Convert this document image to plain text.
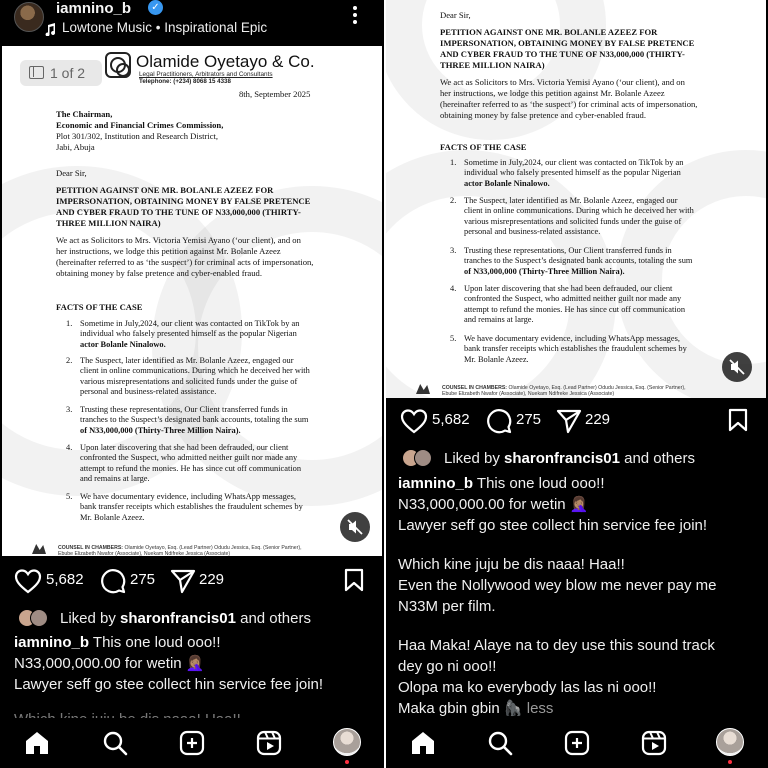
iamnino_b	✓
Lowtone Music • Inspirational Epic
1 of 2
Olamide Oyetayo & Co.
Legal Practitioners, Arbitrators and Consultants
Telephone: (+234) 8068 15 4338

8th, September 2025

The Chairman,

Economic and Financial Crimes Commission,

Plot 301/302, Institution and Research District,

Jabi, Abuja

Dear Sir,

PETITION AGAINST ONE MR. BOLANLE AZEEZ FOR

IMPERSONATION, OBTAINING MONEY BY FALSE PRETENCE

AND CYBER FRAUD TO THE TUNE OF N33,000,000 (THIRTY-

THREE MILLION NAIRA)

We act as Solicitors to Mrs. Victoria Yemisi Ayano (‘our client), and on

her instructions, we lodge this petition against Mr. Bolanle Azeez

(hereinafter referred to as ‘the suspect’) for criminal acts of impersonation,

obtaining money by false pretence and cyber-enabled fraud.

FACTS OF THE CASE

1. Sometime in July,2024, our client was contacted on TikTok by an
individual who falsely presented himself as the popular Nigerian
actor Bolanle Ninalowo.
2. The Suspect, later identified as Mr. Bolanle Azeez, engaged our
client in online communications. During which he deceived her with
various misrepresentations and solicited funds under the guise of
personal and business-related assistance.
3. Trusting these representations, Our Client transferred funds in
tranches to the Suspect’s designated bank accounts, totaling the sum
of N33,000,000 (Thirty-Three Million Naira).
4. Upon later discovering that she had been defrauded, our client
confronted the Suspect, who admitted neither guilt nor made any
attempt to refund the monies. He has since cut off communication
and remains at large.
5. We have documentary evidence, including WhatsApp messages,
bank transfer receipts which establishes the fraudulent schemes by
Mr. Bolanle Azeez.
COUNSEL IN CHAMBERS: Olamide Oyetayo, Esq. (Lead Partner) Odudu Jessica, Esq. (Senior Partner),
Ebube Elizabeth Nwafor (Associate), Nuekam Ndifreke Jessica (Associate)
5,682	275	229
Liked by sharonfrancis01 and others
iamnino_b This one loud ooo!!
N33,000,000.00 for wetin 🤦🏽‍♀️
Lawyer seff go stee collect hin service fee join!

Dear Sir,

PETITION AGAINST ONE MR. BOLANLE AZEEZ FOR

IMPERSONATION, OBTAINING MONEY BY FALSE PRETENCE

AND CYBER FRAUD TO THE TUNE OF N33,000,000 (THIRTY-

THREE MILLION NAIRA)

We act as Solicitors to Mrs. Victoria Yemisi Ayano (‘our client), and on

her instructions, we lodge this petition against Mr. Bolanle Azeez

(hereinafter referred to as ‘the suspect’) for criminal acts of impersonation,

obtaining money by false pretence and cyber-enabled fraud.

FACTS OF THE CASE

1. Sometime in July,2024, our client was contacted on TikTok by an
individual who falsely presented himself as the popular Nigerian
actor Bolanle Ninalowo.
2. The Suspect, later identified as Mr. Bolanle Azeez, engaged our
client in online communications. During which he deceived her with
various misrepresentations and solicited funds under the guise of
personal and business-related assistance.
3. Trusting these representations, Our Client transferred funds in
tranches to the Suspect’s designated bank accounts, totaling the sum
of N33,000,000 (Thirty-Three Million Naira).
4. Upon later discovering that she had been defrauded, our client
confronted the Suspect, who admitted neither guilt nor made any
attempt to refund the monies. He has since cut off communication
and remains at large.
5. We have documentary evidence, including WhatsApp messages,
bank transfer receipts which establishes the fraudulent schemes by
Mr. Bolanle Azeez.
COUNSEL IN CHAMBERS: Olamide Oyetayo, Esq. (Lead Partner) Odudu Jessica, Esq. (Senior Partner),
Ebube Elizabeth Nwafor (Associate), Nuekam Ndifreke Jessica (Associate)
5,682	275	229
Liked by sharonfrancis01 and others
iamnino_b This one loud ooo!!
N33,000,000.00 for wetin 🤦🏽‍♀️
Lawyer seff go stee collect hin service fee join!
Which kine juju be dis naaa! Haa!!
Even the Nollywood wey blow me never pay me
N33M per film.
Haa Maka! Alaye na to dey use this sound track
dey go ni ooo!!
Olopa ma ko everybody las las ni ooo!!
Maka gbin gbin 🦍 less
